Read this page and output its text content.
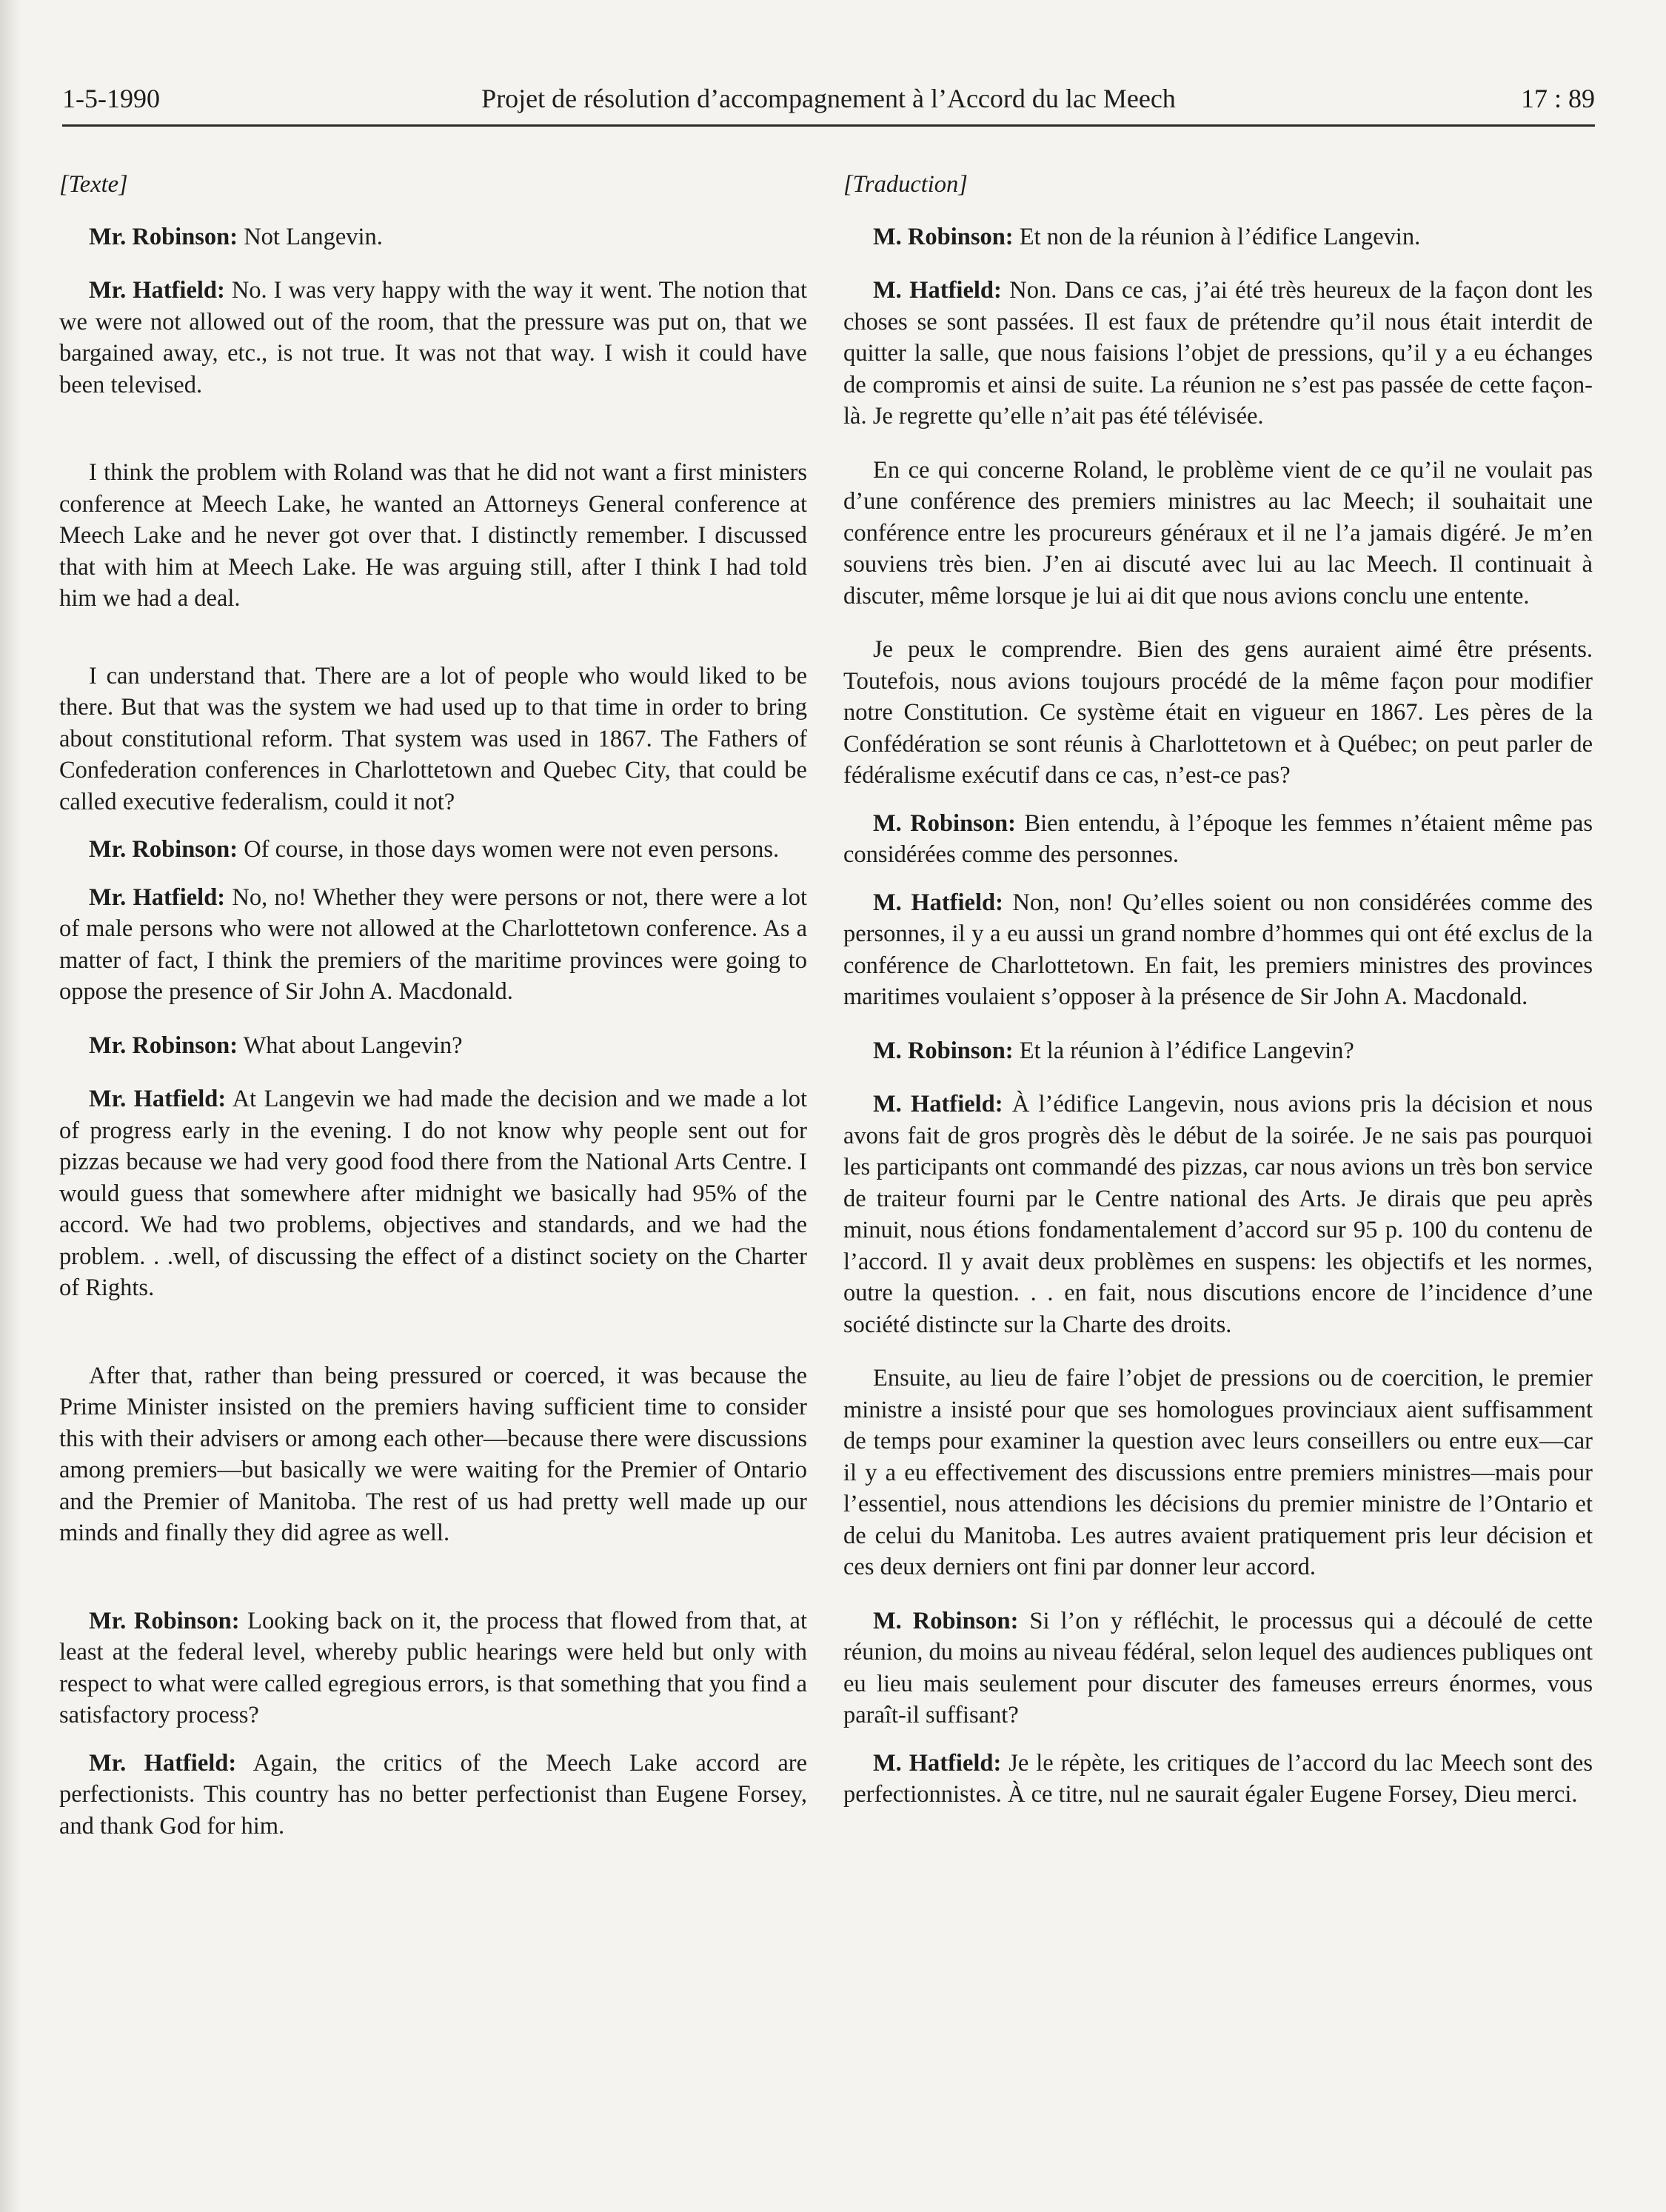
1-5-1990	Projet de résolution d’accompagnement à l’Accord du lac Meech	17 : 89

[Texte]

Mr. Robinson: Not Langevin.

Mr. Hatfield: No. I was very happy with the way it went. The notion that we were not allowed out of the room, that the pressure was put on, that we bargained away, etc., is not true. It was not that way. I wish it could have been televised.

I think the problem with Roland was that he did not want a first ministers conference at Meech Lake, he wanted an Attorneys General conference at Meech Lake and he never got over that. I distinctly remember. I discussed that with him at Meech Lake. He was arguing still, after I think I had told him we had a deal.

I can understand that. There are a lot of people who would liked to be there. But that was the system we had used up to that time in order to bring about constitutional reform. That system was used in 1867. The Fathers of Confederation conferences in Charlottetown and Quebec City, that could be called executive federalism, could it not?

Mr. Robinson: Of course, in those days women were not even persons.

Mr. Hatfield: No, no! Whether they were persons or not, there were a lot of male persons who were not allowed at the Charlottetown conference. As a matter of fact, I think the premiers of the maritime provinces were going to oppose the presence of Sir John A. Macdonald.

Mr. Robinson: What about Langevin?

Mr. Hatfield: At Langevin we had made the decision and we made a lot of progress early in the evening. I do not know why people sent out for pizzas because we had very good food there from the National Arts Centre. I would guess that somewhere after midnight we basically had 95% of the accord. We had two problems, objectives and standards, and we had the problem. . .well, of discussing the effect of a distinct society on the Charter of Rights.

After that, rather than being pressured or coerced, it was because the Prime Minister insisted on the premiers having sufficient time to consider this with their advisers or among each other—because there were discussions among premiers—but basically we were waiting for the Premier of Ontario and the Premier of Manitoba. The rest of us had pretty well made up our minds and finally they did agree as well.

Mr. Robinson: Looking back on it, the process that flowed from that, at least at the federal level, whereby public hearings were held but only with respect to what were called egregious errors, is that something that you find a satisfactory process?

Mr. Hatfield: Again, the critics of the Meech Lake accord are perfectionists. This country has no better perfectionist than Eugene Forsey, and thank God for him.

[Traduction]

M. Robinson: Et non de la réunion à l’édifice Langevin.

M. Hatfield: Non. Dans ce cas, j’ai été très heureux de la façon dont les choses se sont passées. Il est faux de prétendre qu’il nous était interdit de quitter la salle, que nous faisions l’objet de pressions, qu’il y a eu échanges de compromis et ainsi de suite. La réunion ne s’est pas passée de cette façon-là. Je regrette qu’elle n’ait pas été télévisée.

En ce qui concerne Roland, le problème vient de ce qu’il ne voulait pas d’une conférence des premiers ministres au lac Meech; il souhaitait une conférence entre les procureurs généraux et il ne l’a jamais digéré. Je m’en souviens très bien. J’en ai discuté avec lui au lac Meech. Il continuait à discuter, même lorsque je lui ai dit que nous avions conclu une entente.

Je peux le comprendre. Bien des gens auraient aimé être présents. Toutefois, nous avions toujours procédé de la même façon pour modifier notre Constitution. Ce système était en vigueur en 1867. Les pères de la Confédération se sont réunis à Charlottetown et à Québec; on peut parler de fédéralisme exécutif dans ce cas, n’est-ce pas?

M. Robinson: Bien entendu, à l’époque les femmes n’étaient même pas considérées comme des personnes.

M. Hatfield: Non, non! Qu’elles soient ou non considérées comme des personnes, il y a eu aussi un grand nombre d’hommes qui ont été exclus de la conférence de Charlottetown. En fait, les premiers ministres des provinces maritimes voulaient s’opposer à la présence de Sir John A. Macdonald.

M. Robinson: Et la réunion à l’édifice Langevin?

M. Hatfield: À l’édifice Langevin, nous avions pris la décision et nous avons fait de gros progrès dès le début de la soirée. Je ne sais pas pourquoi les participants ont commandé des pizzas, car nous avions un très bon service de traiteur fourni par le Centre national des Arts. Je dirais que peu après minuit, nous étions fondamentalement d’accord sur 95 p. 100 du contenu de l’accord. Il y avait deux problèmes en suspens: les objectifs et les normes, outre la question. . . en fait, nous discutions encore de l’incidence d’une société distincte sur la Charte des droits.

Ensuite, au lieu de faire l’objet de pressions ou de coercition, le premier ministre a insisté pour que ses homologues provinciaux aient suffisamment de temps pour examiner la question avec leurs conseillers ou entre eux—car il y a eu effectivement des discussions entre premiers ministres—mais pour l’essentiel, nous attendions les décisions du premier ministre de l’Ontario et de celui du Manitoba. Les autres avaient pratiquement pris leur décision et ces deux derniers ont fini par donner leur accord.

M. Robinson: Si l’on y réfléchit, le processus qui a découlé de cette réunion, du moins au niveau fédéral, selon lequel des audiences publiques ont eu lieu mais seulement pour discuter des fameuses erreurs énormes, vous paraît-il suffisant?

M. Hatfield: Je le répète, les critiques de l’accord du lac Meech sont des perfectionnistes. À ce titre, nul ne saurait égaler Eugene Forsey, Dieu merci.
